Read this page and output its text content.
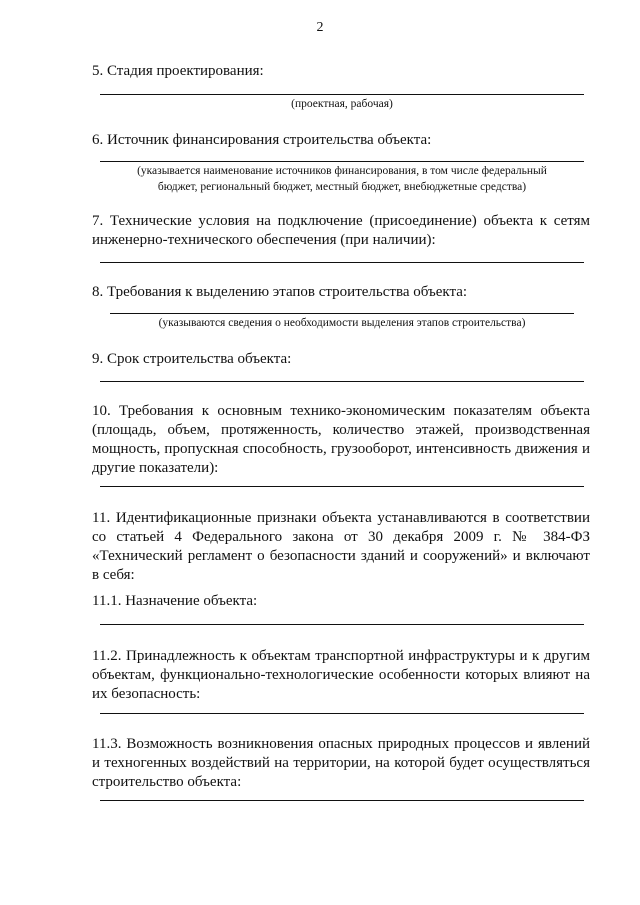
2

5. Стадия проектирования:

(проектная, рабочая)

6. Источник финансирования строительства объекта:

(указывается наименование источников финансирования, в том числе федеральный
бюджет, региональный бюджет, местный бюджет, внебюджетные средства)

7. Технические условия на подключение (присоединение) объекта к сетям инженерно-технического обеспечения (при наличии):

8. Требования к выделению этапов строительства объекта:

(указываются сведения о необходимости выделения этапов строительства)

9. Срок строительства объекта:

10. Требования к основным технико-экономическим показателям объекта (площадь, объем, протяженность, количество этажей, производственная мощность, пропускная способность, грузооборот, интенсивность движения и другие показатели):

11. Идентификационные признаки объекта устанавливаются в соответствии со статьей 4 Федерального закона от 30 декабря 2009 г. № 384-ФЗ «Технический регламент о безопасности зданий и сооружений» и включают в себя:

11.1. Назначение объекта:

11.2. Принадлежность к объектам транспортной инфраструктуры и к другим объектам, функционально-технологические особенности которых влияют на их безопасность:

11.3. Возможность возникновения опасных природных процессов и явлений и техногенных воздействий на территории, на которой будет осуществляться строительство объекта:
